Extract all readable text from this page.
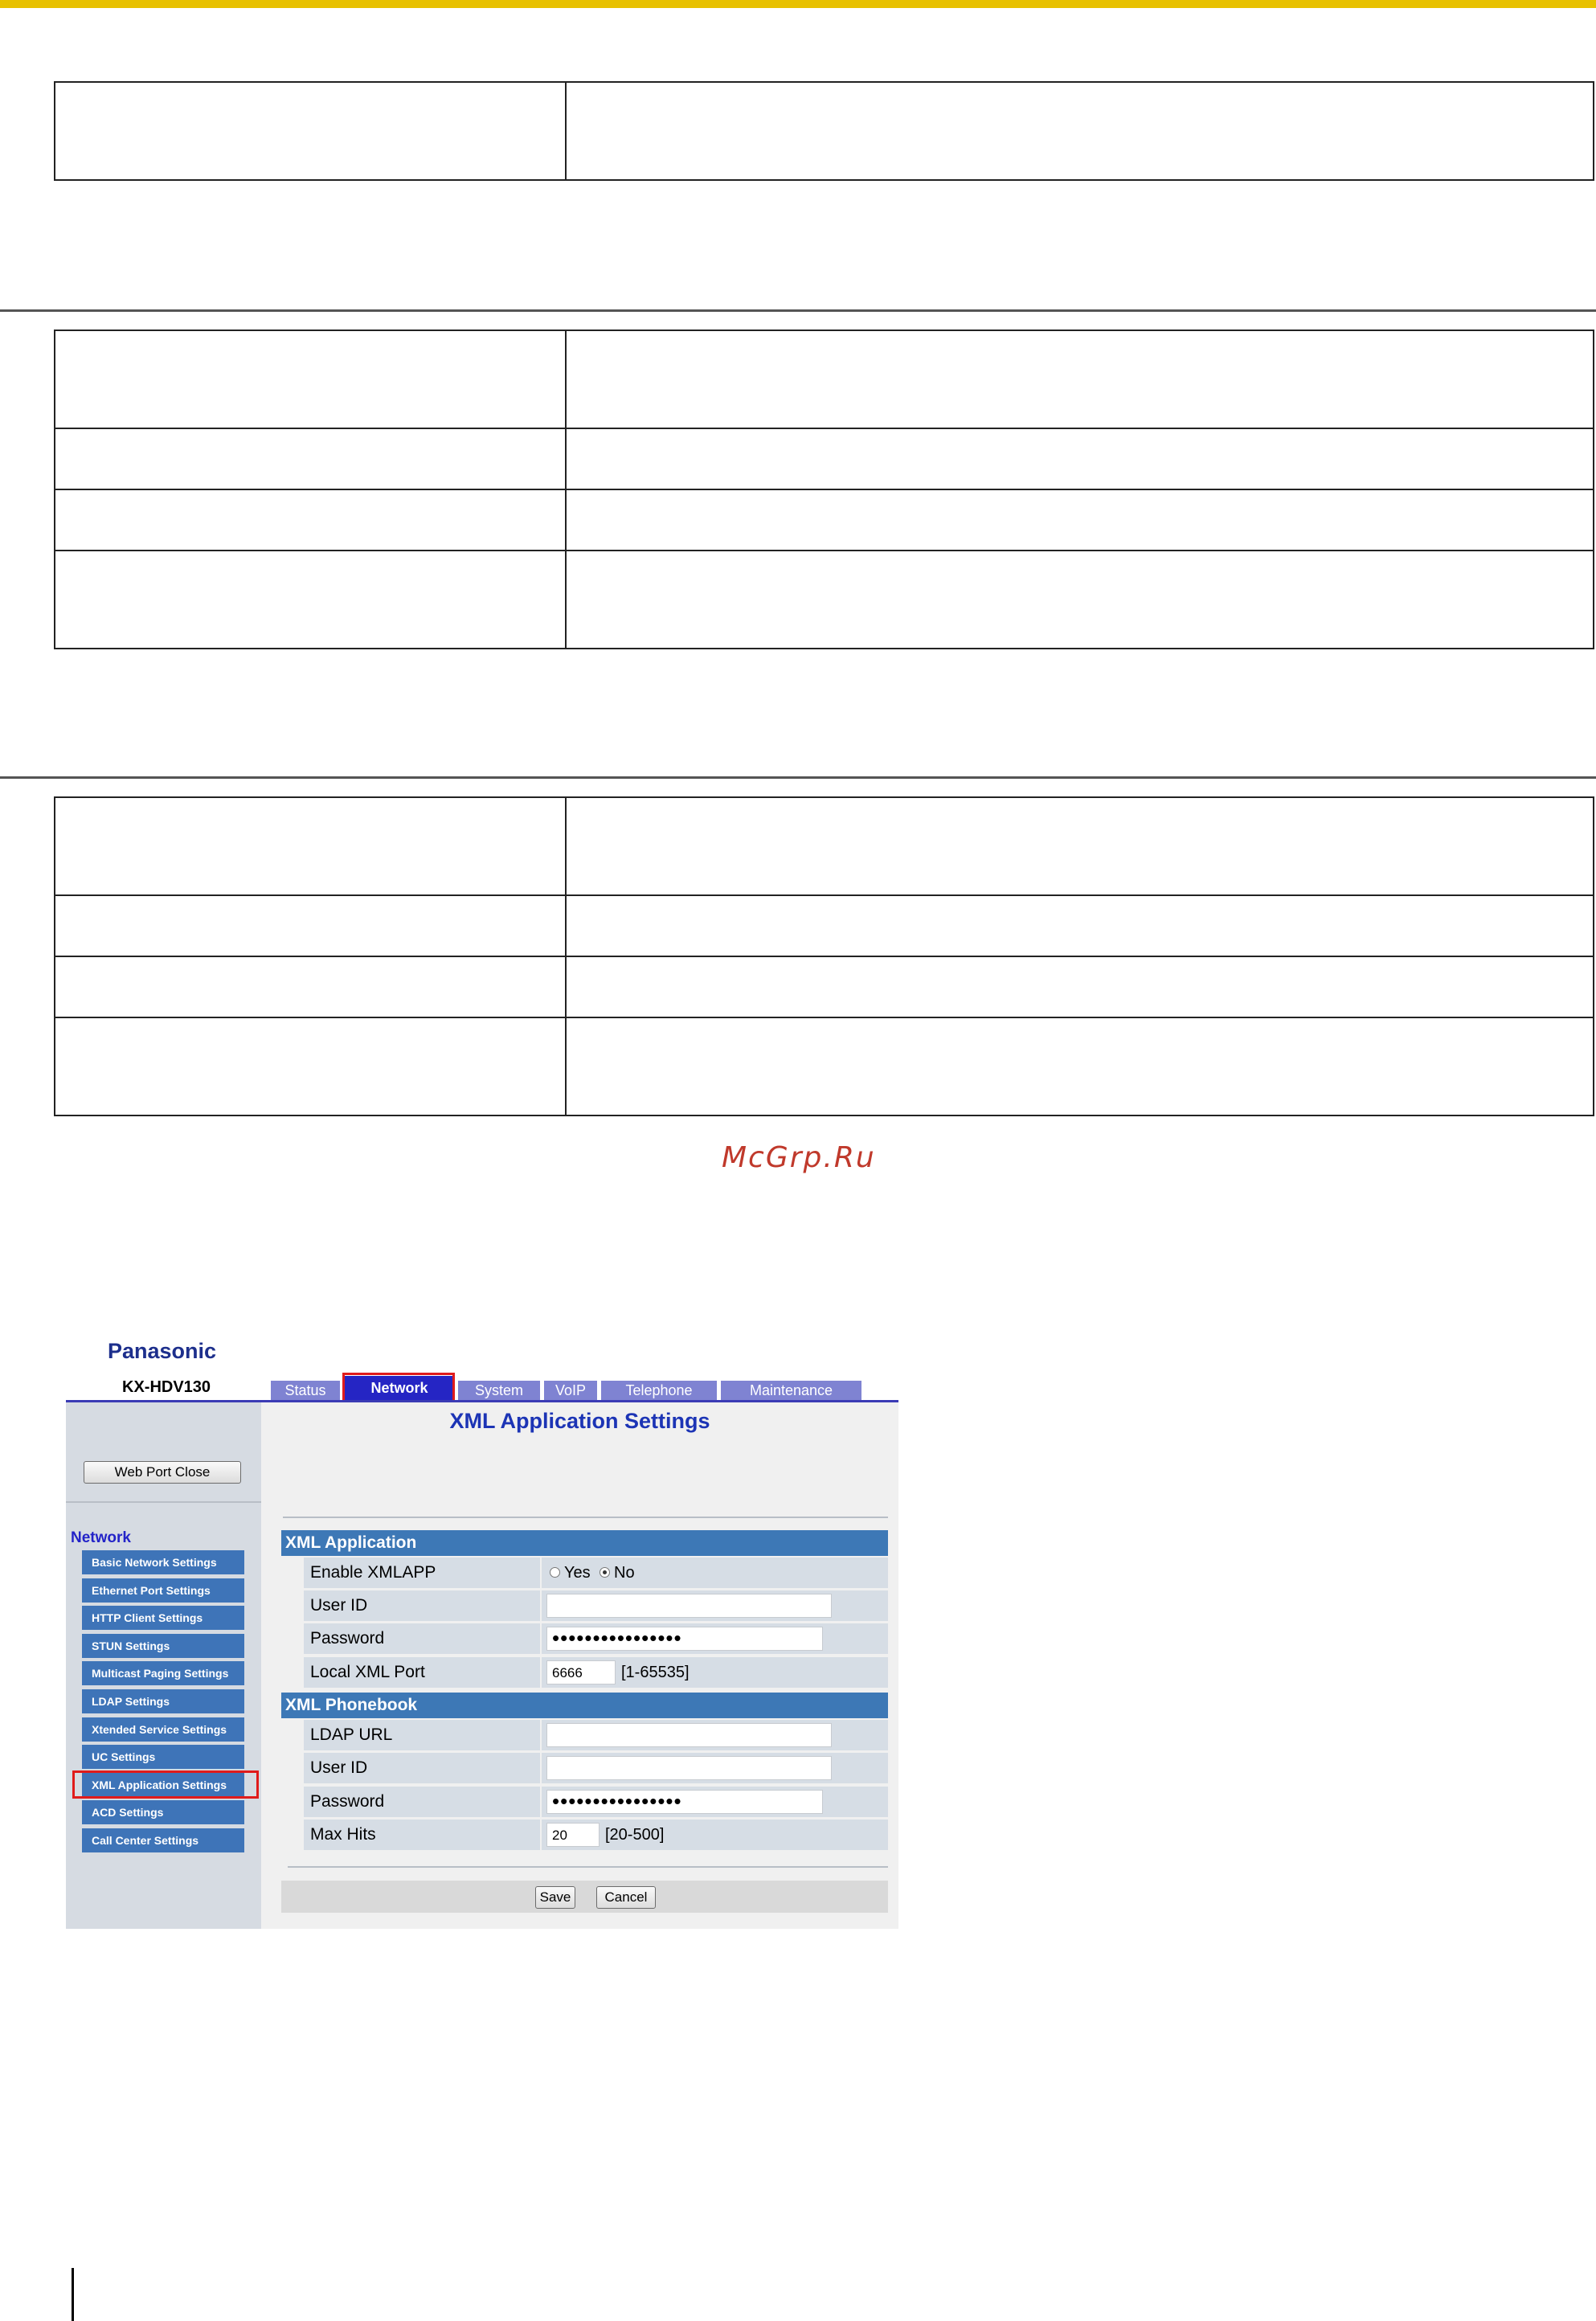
McGrp.Ru
Panasonic
KX-HDV130	Status	Network	System	VoIP	Telephone	Maintenance
Web Port Close
Network
Basic Network Settings
Ethernet Port Settings
HTTP Client Settings
STUN Settings
Multicast Paging Settings
LDAP Settings
Xtended Service Settings
UC Settings
XML Application Settings
ACD Settings
Call Center Settings
XML Application Settings
XML Application
Enable XMLAPP	Yes	No
User ID
Password	••••••••••••••••
Local XML Port	6666 [1-65535]
XML Phonebook
LDAP URL
User ID
Password	••••••••••••••••
Max Hits	20 [20-500]
Save	Cancel
